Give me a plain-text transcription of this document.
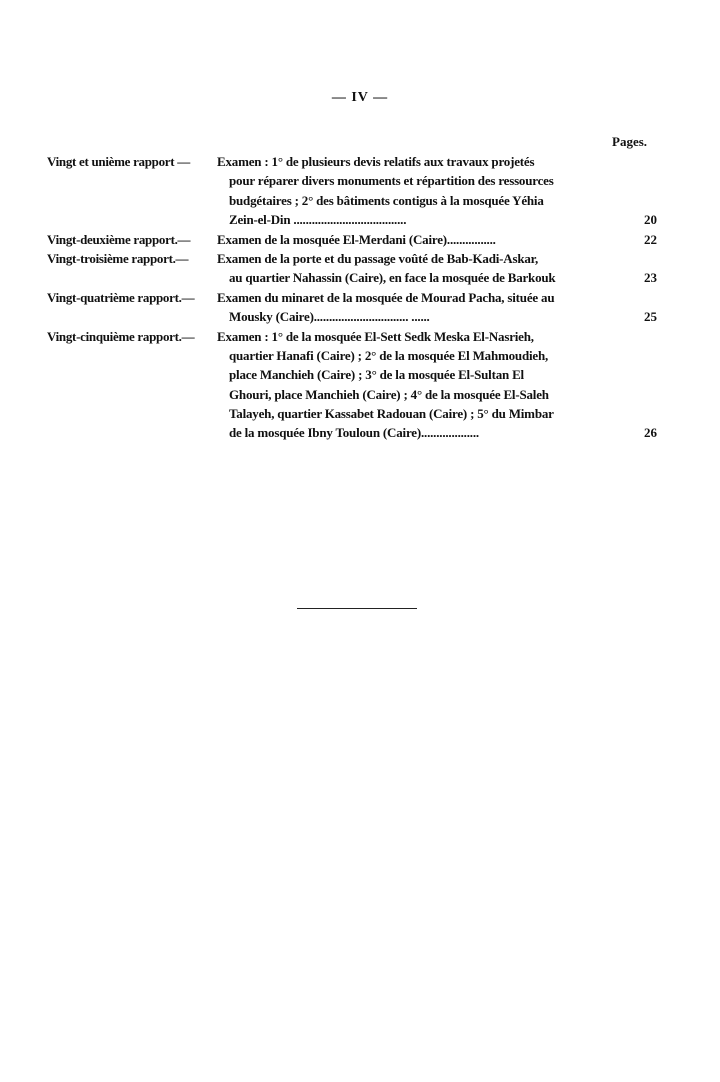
— IV —
Pages.
Vingt et unième rapport —	Examen : 1° de plusieurs devis relatifs aux travaux projetés
pour réparer divers monuments et répartition des ressources
budgétaires ; 2° des bâtiments contigus à la mosquée Yéhia
Zein-el-Din .....................................	20
Vingt-deuxième rapport.—	Examen de la mosquée El-Merdani (Caire)................	22
Vingt-troisième rapport.—	Examen de la porte et du passage voûté de Bab-Kadi-Askar,
au quartier Nahassin (Caire), en face la mosquée de Barkouk	23
Vingt-quatrième rapport.—	Examen du minaret de la mosquée de Mourad Pacha, située au
Mousky (Caire)............................... ......	25
Vingt-cinquième rapport.—	Examen : 1° de la mosquée El-Sett Sedk Meska El-Nasrieh,
quartier Hanafi (Caire) ; 2° de la mosquée El Mahmoudieh,
place Manchieh (Caire) ; 3° de la mosquée El-Sultan El
Ghouri, place Manchieh (Caire) ; 4° de la mosquée El-Saleh
Talayeh, quartier Kassabet Radouan (Caire) ; 5° du Mimbar
de la mosquée Ibny Touloun (Caire)...................	26
